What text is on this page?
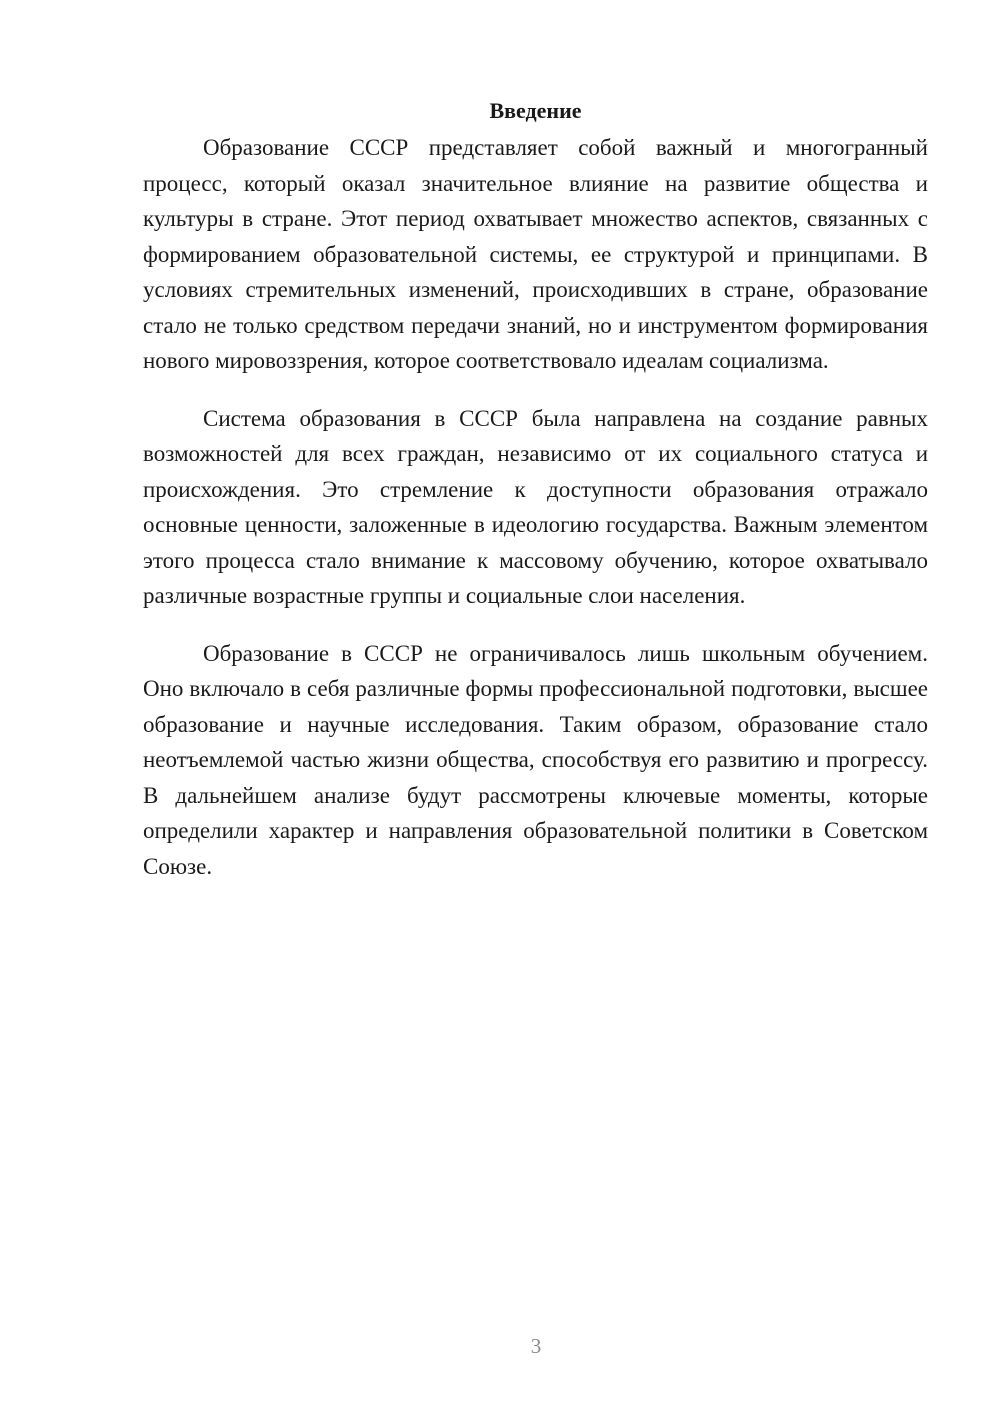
Введение

Образование СССР представляет собой важный и многогранный процесс, который оказал значительное влияние на развитие общества и культуры в стране. Этот период охватывает множество аспектов, связанных с формированием образовательной системы, ее структурой и принципами. В условиях стремительных изменений, происходивших в стране, образование стало не только средством передачи знаний, но и инструментом формирования нового мировоззрения, которое соответствовало идеалам социализма.

Система образования в СССР была направлена на создание равных возможностей для всех граждан, независимо от их социального статуса и происхождения. Это стремление к доступности образования отражало основные ценности, заложенные в идеологию государства. Важным элементом этого процесса стало внимание к массовому обучению, которое охватывало различные возрастные группы и социальные слои населения.

Образование в СССР не ограничивалось лишь школьным обучением. Оно включало в себя различные формы профессиональной подготовки, высшее образование и научные исследования. Таким образом, образование стало неотъемлемой частью жизни общества, способствуя его развитию и прогрессу. В дальнейшем анализе будут рассмотрены ключевые моменты, которые определили характер и направления образовательной политики в Советском Союзе.

3
